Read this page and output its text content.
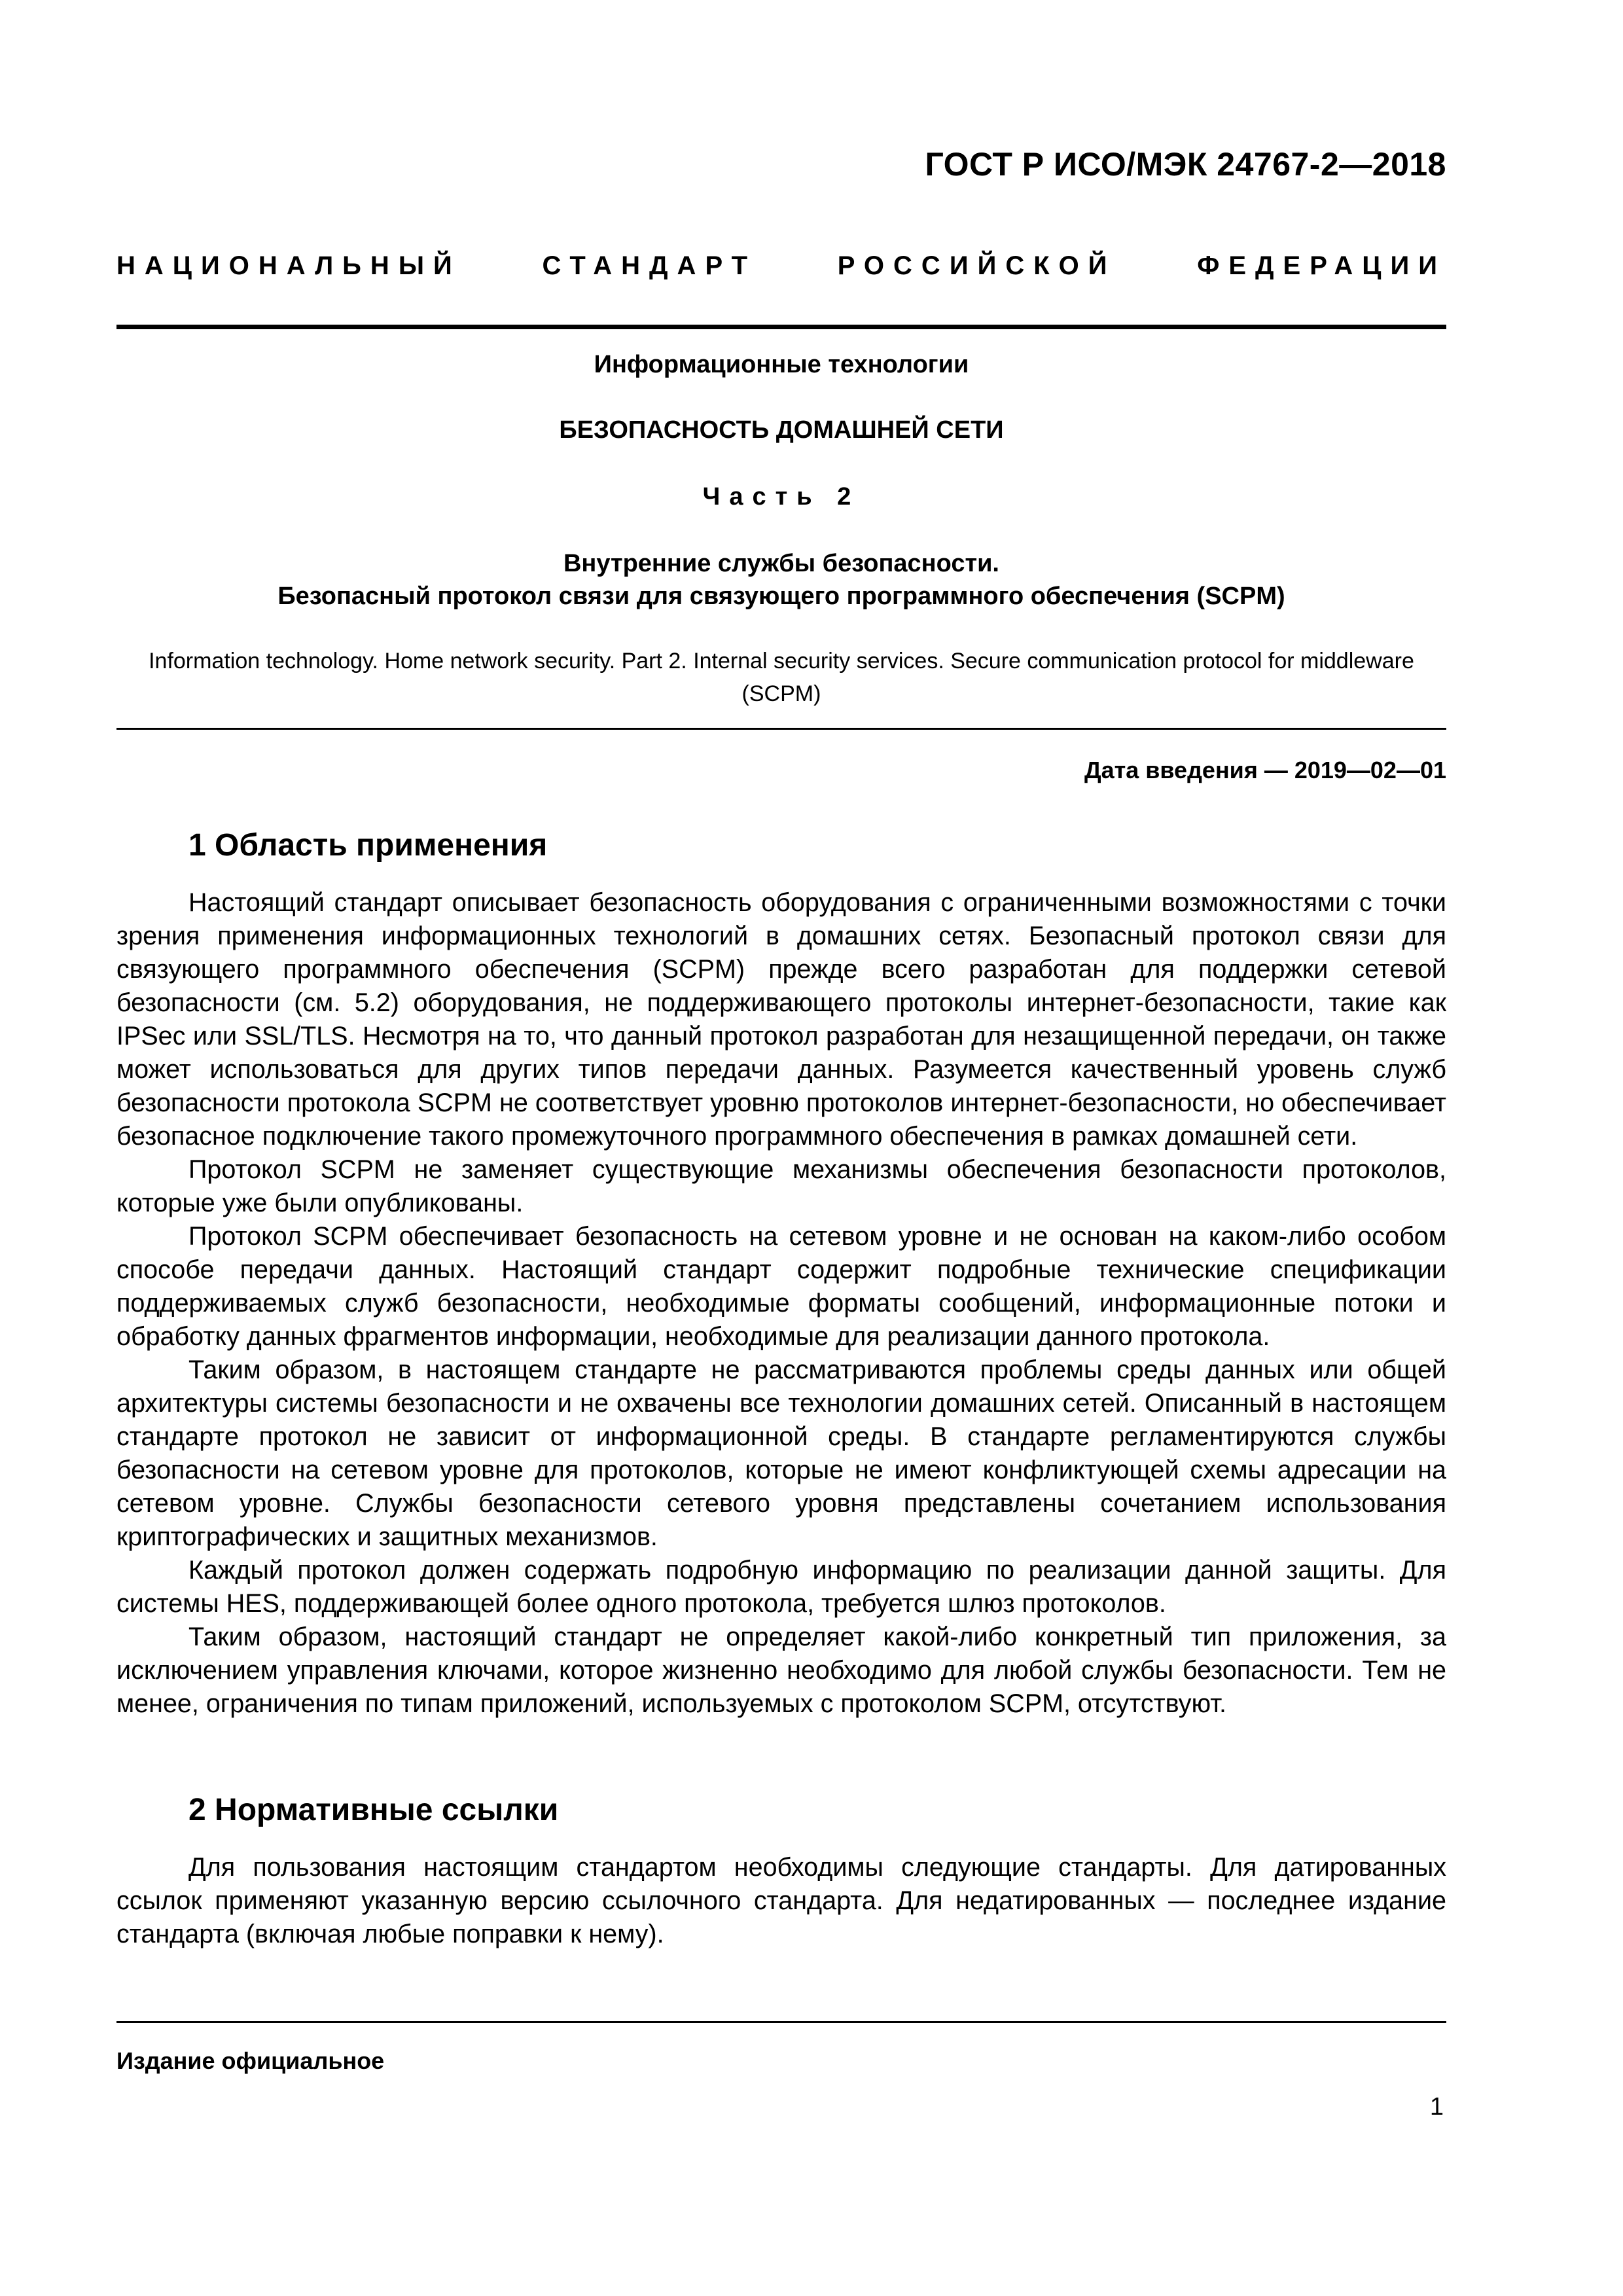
ГОСТ Р ИСО/МЭК 24767-2—2018
НАЦИОНАЛЬНЫЙ СТАНДАРТ РОССИЙСКОЙ ФЕДЕРАЦИИ
Информационные технологии
БЕЗОПАСНОСТЬ ДОМАШНЕЙ СЕТИ
Часть 2
Внутренние службы безопасности.
Безопасный протокол связи для связующего программного обеспечения (SCPM)
Information technology. Home network security. Part 2. Internal security services. Secure communication protocol for middleware (SCPM)
Дата введения — 2019—02—01
1 Область применения

Настоящий стандарт описывает безопасность оборудования с ограниченными возможностями с точки зрения применения информационных технологий в домашних сетях. Безопасный протокол связи для связующего программного обеспечения (SCPM) прежде всего разработан для поддержки сетевой безопасности (см. 5.2) оборудования, не поддерживающего протоколы интернет-безопасности, такие как IPSec или SSL/TLS. Несмотря на то, что данный протокол разработан для незащищенной передачи, он также может использоваться для других типов передачи данных. Разумеется качественный уровень служб безопасности протокола SCPM не соответствует уровню протоколов интернет-безопасности, но обеспечивает безопасное подключение такого промежуточного программного обеспечения в рамках домашней сети.

Протокол SCPM не заменяет существующие механизмы обеспечения безопасности протоколов, которые уже были опубликованы.

Протокол SCPM обеспечивает безопасность на сетевом уровне и не основан на каком-либо особом способе передачи данных. Настоящий стандарт содержит подробные технические спецификации поддерживаемых служб безопасности, необходимые форматы сообщений, информационные потоки и обработку данных фрагментов информации, необходимые для реализации данного протокола.

Таким образом, в настоящем стандарте не рассматриваются проблемы среды данных или общей архитектуры системы безопасности и не охвачены все технологии домашних сетей. Описанный в настоящем стандарте протокол не зависит от информационной среды. В стандарте регламентируются службы безопасности на сетевом уровне для протоколов, которые не имеют конфликтующей схемы адресации на сетевом уровне. Службы безопасности сетевого уровня представлены сочетанием использования криптографических и защитных механизмов.

Каждый протокол должен содержать подробную информацию по реализации данной защиты. Для системы HES, поддерживающей более одного протокола, требуется шлюз протоколов.

Таким образом, настоящий стандарт не определяет какой-либо конкретный тип приложения, за исключением управления ключами, которое жизненно необходимо для любой службы безопасности. Тем не менее, ограничения по типам приложений, используемых с протоколом SCPM, отсутствуют.

2 Нормативные ссылки

Для пользования настоящим стандартом необходимы следующие стандарты. Для датированных ссылок применяют указанную версию ссылочного стандарта. Для недатированных — последнее издание стандарта (включая любые поправки к нему).

Издание официальное
1
